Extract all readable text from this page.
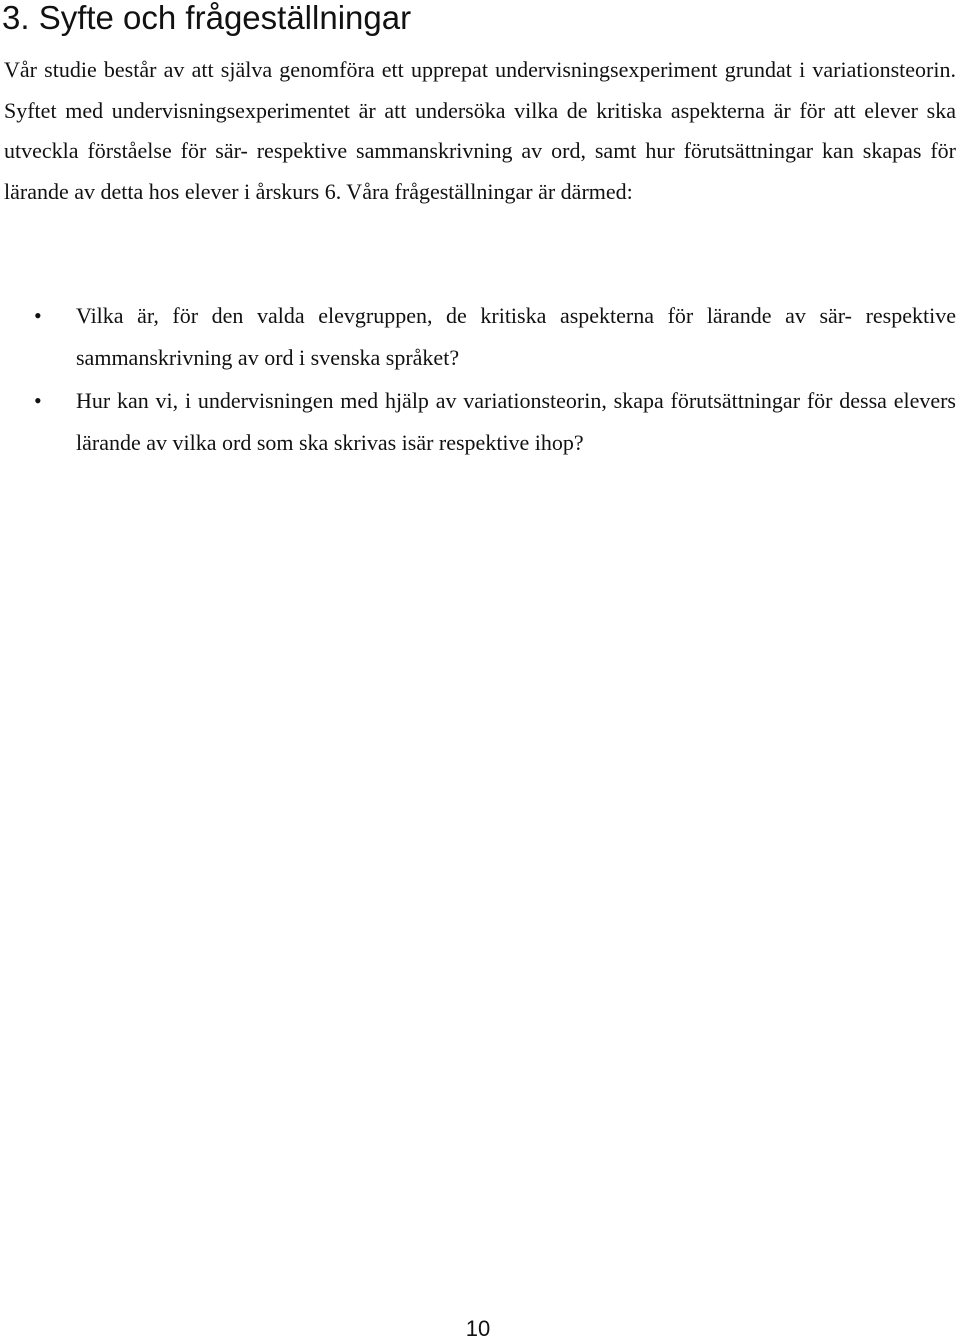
3. Syfte och frågeställningar

Vår studie består av att själva genomföra ett upprepat undervisningsexperiment grundat i variationsteorin. Syftet med undervisningsexperimentet är att undersöka vilka de kritiska aspekterna är för att elever ska utveckla förståelse för sär- respektive sammanskrivning av ord, samt hur förutsättningar kan skapas för lärande av detta hos elever i årskurs 6. Våra frågeställningar är därmed:

• Vilka är, för den valda elevgruppen, de kritiska aspekterna för lärande av sär- respektive sammanskrivning av ord i svenska språket?
• Hur kan vi, i undervisningen med hjälp av variationsteorin, skapa förutsättningar för dessa elevers lärande av vilka ord som ska skrivas isär respektive ihop?
10
